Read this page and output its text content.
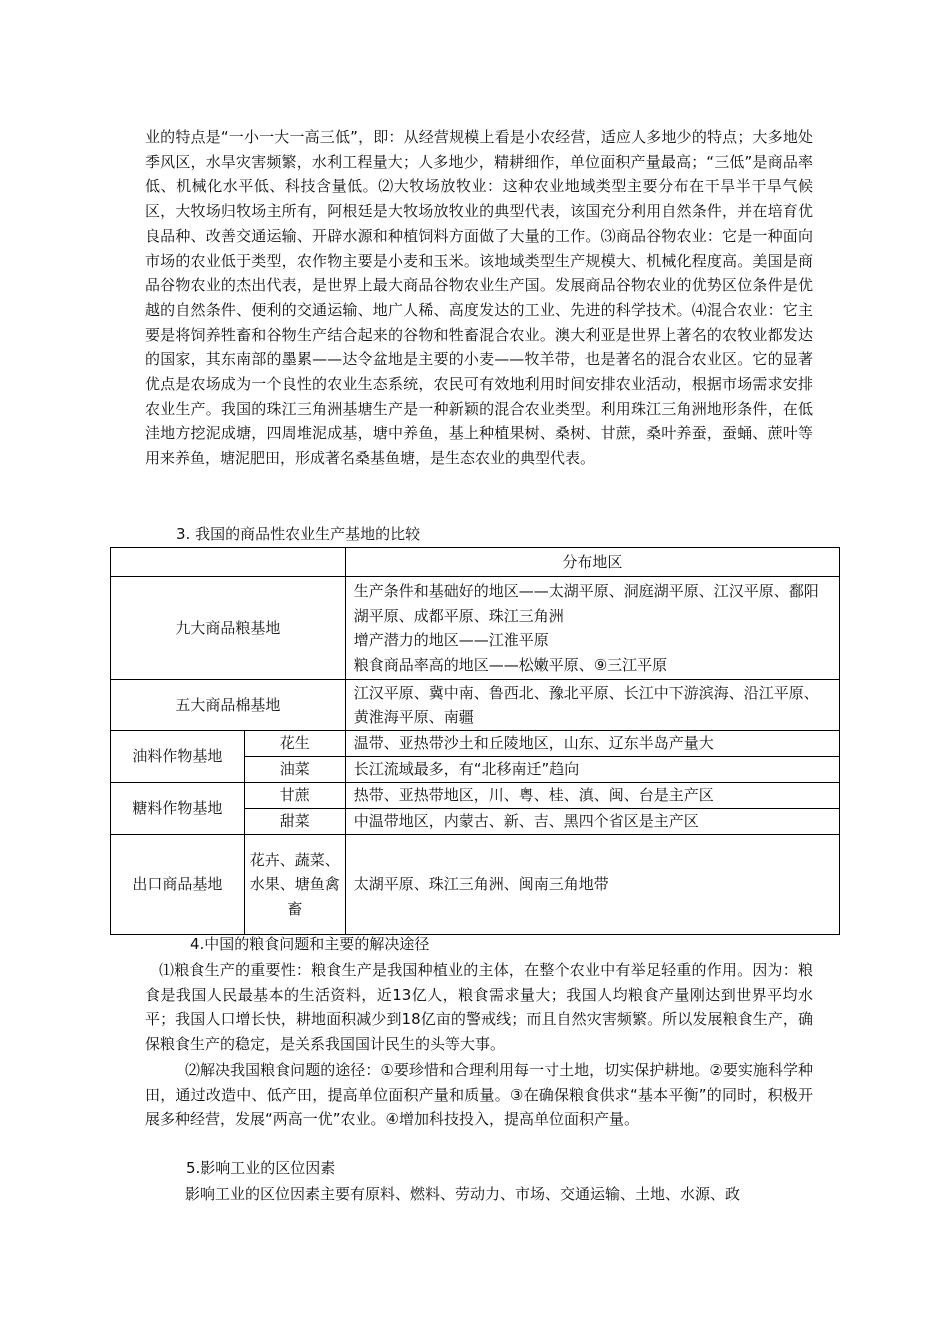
业的特点是“一小一大一高三低”，即：从经营规模上看是小农经营，适应人多地少的特点；大多地处季风区，水旱灾害频繁，水利工程量大；人多地少，精耕细作，单位面积产量最高；“三低”是商品率低、机械化水平低、科技含量低。⑵大牧场放牧业：这种农业地域类型主要分布在干旱半干旱气候区，大牧场归牧场主所有，阿根廷是大牧场放牧业的典型代表，该国充分利用自然条件，并在培育优良品种、改善交通运输、开辟水源和种植饲料方面做了大量的工作。⑶商品谷物农业：它是一种面向市场的农业低于类型，农作物主要是小麦和玉米。该地域类型生产规模大、机械化程度高。美国是商品谷物农业的杰出代表，是世界上最大商品谷物农业生产国。发展商品谷物农业的优势区位条件是优越的自然条件、便利的交通运输、地广人稀、高度发达的工业、先进的科学技术。⑷混合农业：它主要是将饲养牲畜和谷物生产结合起来的谷物和牲畜混合农业。澳大利亚是世界上著名的农牧业都发达的国家，其东南部的墨累——达令盆地是主要的小麦——牧羊带，也是著名的混合农业区。它的显著优点是农场成为一个良性的农业生态系统，农民可有效地利用时间安排农业活动，根据市场需求安排农业生产。我国的珠江三角洲基塘生产是一种新颖的混合农业类型。利用珠江三角洲地形条件，在低洼地方挖泥成塘，四周堆泥成基，塘中养鱼，基上种植果树、桑树、甘蔗，桑叶养蚕，蚕蛹、蔗叶等用来养鱼，塘泥肥田，形成著名桑基鱼塘，是生态农业的典型代表。

3. 我国的商品性农业生产基地的比较

		分布地区
九大商品粮基地		生产条件和基础好的地区——太湖平原、洞庭湖平原、江汉平原、鄱阳湖平原、成都平原、珠江三角洲
增产潜力的地区——江淮平原
粮食商品率高的地区——松嫩平原、⑨三江平原

五大商品棉基地		江汉平原、冀中南、鲁西北、豫北平原、长江中下游滨海、沿江平原、黄淮海平原、南疆
油料作物基地	花生	温带、亚热带沙土和丘陵地区，山东、辽东半岛产量大
	油菜	长江流域最多，有“北移南迁”趋向
糖料作物基地	甘蔗	热带、亚热带地区，川、粤、桂、滇、闽、台是主产区
	甜菜	中温带地区，内蒙古、新、吉、黑四个省区是主产区
出口商品基地	花卉、蔬菜、水果、塘鱼禽畜	太湖平原、珠江三角洲、闽南三角地带

4.中国的粮食问题和主要的解决途径

⑴粮食生产的重要性：粮食生产是我国种植业的主体，在整个农业中有举足轻重的作用。因为：粮食是我国人民最基本的生活资料，近13亿人，粮食需求量大；我国人均粮食产量刚达到世界平均水平；我国人口增长快，耕地面积减少到18亿亩的警戒线；而且自然灾害频繁。所以发展粮食生产，确保粮食生产的稳定，是关系我国国计民生的头等大事。

⑵解决我国粮食问题的途径：①要珍惜和合理利用每一寸土地，切实保护耕地。②要实施科学种田，通过改造中、低产田，提高单位面积产量和质量。③在确保粮食供求“基本平衡”的同时，积极开展多种经营，发展“两高一优”农业。④增加科技投入，提高单位面积产量。

5.影响工业的区位因素

影响工业的区位因素主要有原料、燃料、劳动力、市场、交通运输、土地、水源、政
